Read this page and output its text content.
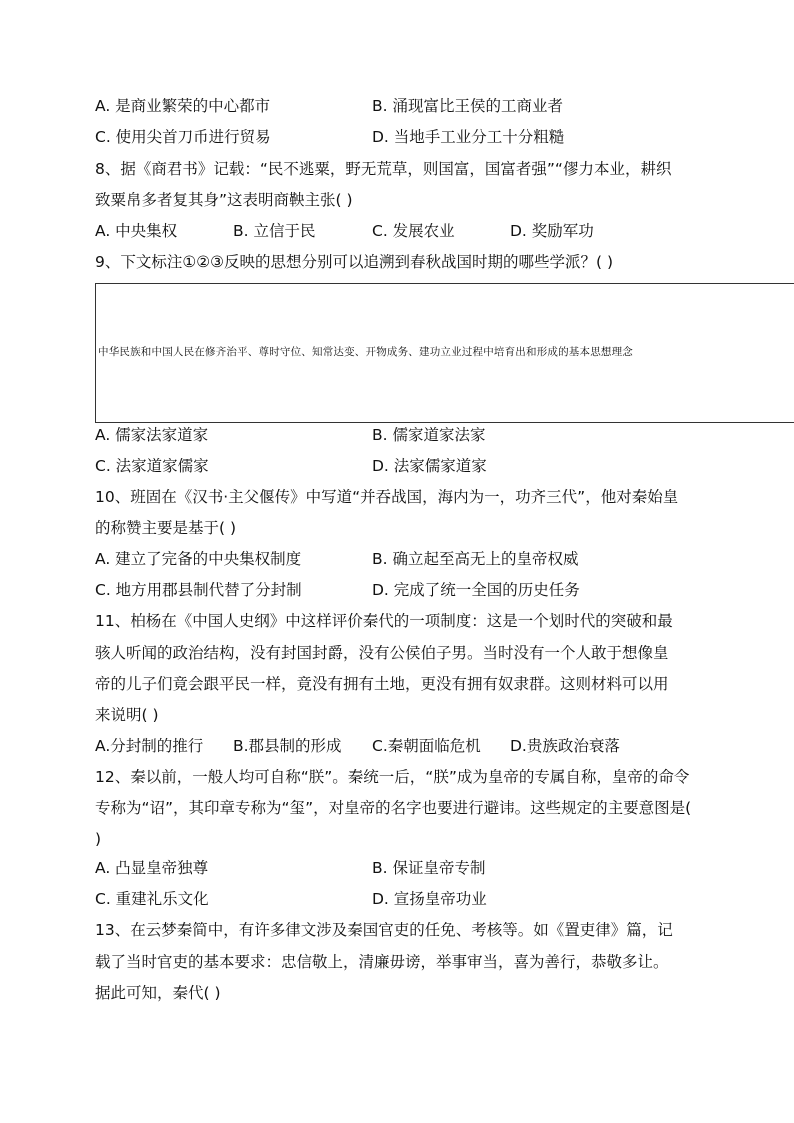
A. 是商业繁荣的中心都市	B. 涌现富比王侯的工商业者
C. 使用尖首刀币进行贸易	D. 当地手工业分工十分粗糙
8、据《商君书》记载：“民不逃粟，野无荒草，则国富，国富者强”“僇力本业，耕织
致粟帛多者复其身”这表明商鞅主张( )
A. 中央集权	B. 立信于民	C. 发展农业	D. 奖励军功
9、下文标注①②③反映的思想分别可以追溯到春秋战国时期的哪些学派？( )
中华民族和中国人民在修齐治平、尊时守位、知常达变、开物成务、建功立业过程中培育出和形成的基本思想理念
A. 儒家法家道家	B. 儒家道家法家
C. 法家道家儒家	D. 法家儒家道家
10、班固在《汉书·主父偃传》中写道“并吞战国，海内为一，功齐三代”，他对秦始皇
的称赞主要是基于( )
A. 建立了完备的中央集权制度	B. 确立起至高无上的皇帝权威
C. 地方用郡县制代替了分封制	D. 完成了统一全国的历史任务
11、柏杨在《中国人史纲》中这样评价秦代的一项制度：这是一个划时代的突破和最
骇人听闻的政治结构，没有封国封爵，没有公侯伯子男。当时没有一个人敢于想像皇
帝的儿子们竟会跟平民一样，竟没有拥有土地，更没有拥有奴隶群。这则材料可以用
来说明( )
A.分封制的推行 B.郡县制的形成 C.秦朝面临危机 D.贵族政治衰落
12、秦以前，一般人均可自称“朕”。秦统一后，“朕”成为皇帝的专属自称，皇帝的命令
专称为“诏”，其印章专称为“玺”，对皇帝的名字也要进行避讳。这些规定的主要意图是(
)
A. 凸显皇帝独尊	B. 保证皇帝专制
C. 重建礼乐文化	D. 宣扬皇帝功业
13、在云梦秦简中，有许多律文涉及秦国官吏的任免、考核等。如《置吏律》篇，记
载了当时官吏的基本要求：忠信敬上，清廉毋谤，举事审当，喜为善行，恭敬多让。
据此可知，秦代( )
